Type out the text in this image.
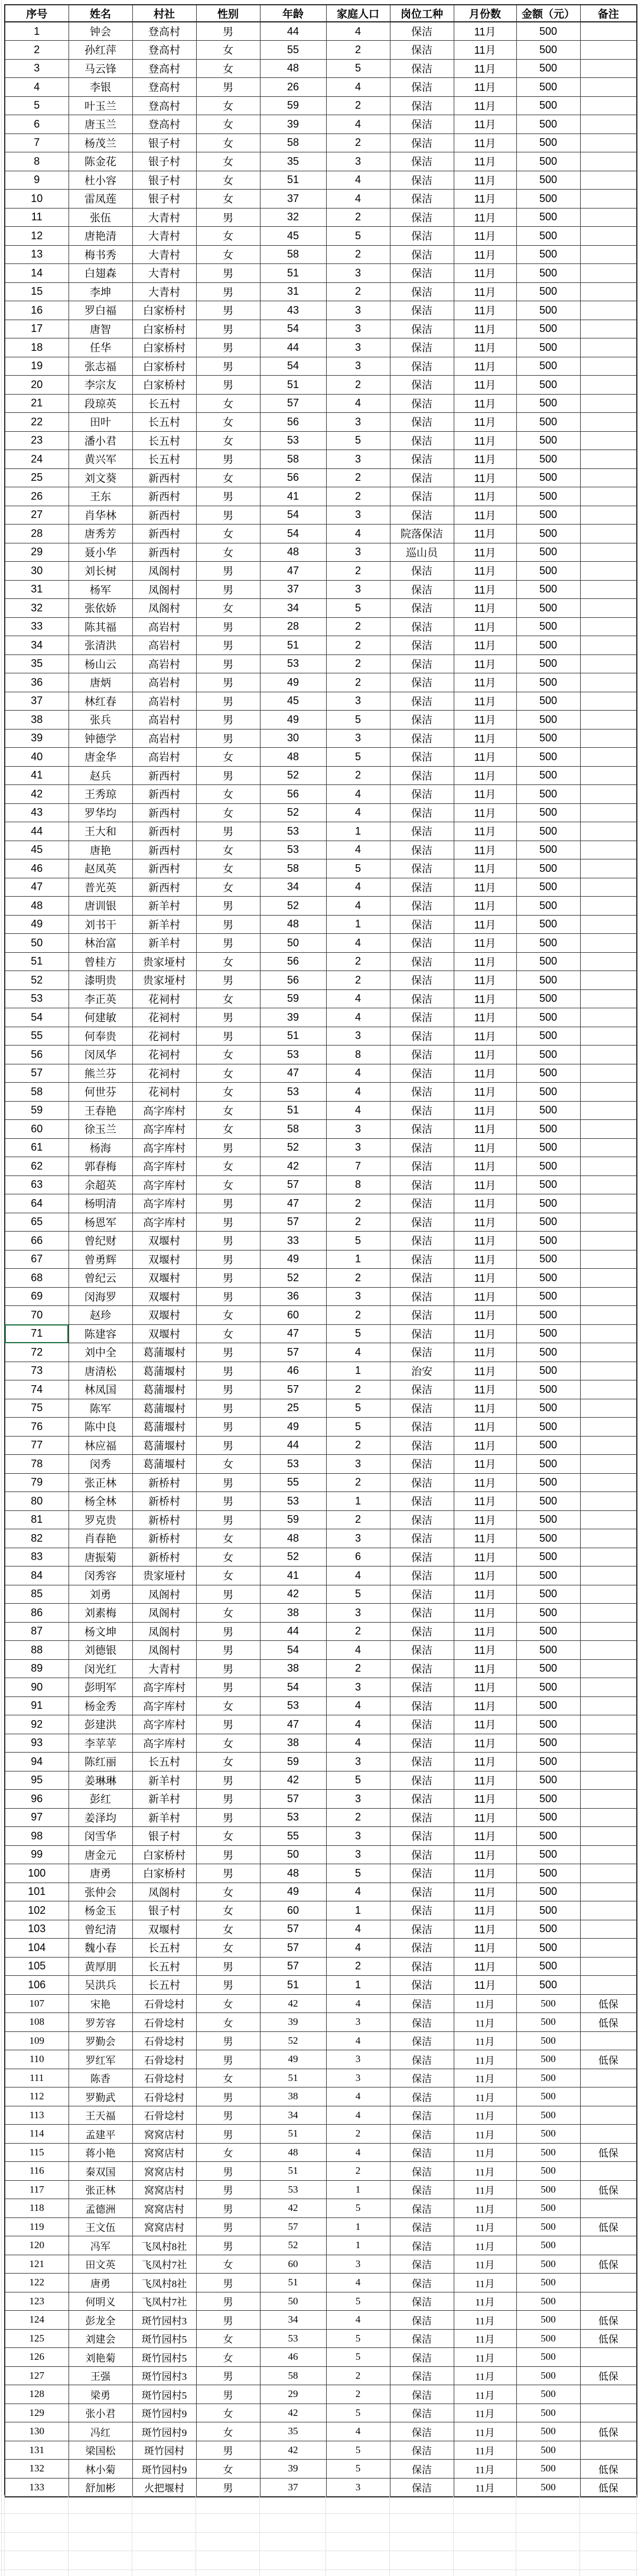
序号	姓名	村社	性别	年龄	家庭人口	岗位工种	月份数	金额（元）	备注
1	钟会	登高村	男	44	4	保洁	11月	500	
2	孙红萍	登高村	女	55	2	保洁	11月	500	
3	马云锋	登高村	女	48	5	保洁	11月	500	
4	李银	登高村	男	26	4	保洁	11月	500	
5	叶玉兰	登高村	女	59	2	保洁	11月	500	
6	唐玉兰	登高村	女	39	4	保洁	11月	500	
7	杨茂兰	银子村	女	58	2	保洁	11月	500	
8	陈金花	银子村	女	35	3	保洁	11月	500	
9	杜小容	银子村	女	51	4	保洁	11月	500	
10	雷凤莲	银子村	女	37	4	保洁	11月	500	
11	张伍	大青村	男	32	2	保洁	11月	500	
12	唐艳清	大青村	女	45	5	保洁	11月	500	
13	梅书秀	大青村	女	58	2	保洁	11月	500	
14	白翅森	大青村	男	51	3	保洁	11月	500	
15	李坤	大青村	男	31	2	保洁	11月	500	
16	罗白福	白家桥村	男	43	3	保洁	11月	500	
17	唐智	白家桥村	男	54	3	保洁	11月	500	
18	任华	白家桥村	男	44	3	保洁	11月	500	
19	张志福	白家桥村	男	54	3	保洁	11月	500	
20	李宗友	白家桥村	男	51	2	保洁	11月	500	
21	段琼英	长五村	女	57	4	保洁	11月	500	
22	田叶	长五村	女	56	3	保洁	11月	500	
23	潘小君	长五村	女	53	5	保洁	11月	500	
24	黄兴军	长五村	男	58	3	保洁	11月	500	
25	刘文葵	新西村	女	56	2	保洁	11月	500	
26	王东	新西村	男	41	2	保洁	11月	500	
27	肖华林	新西村	男	54	3	保洁	11月	500	
28	唐秀芳	新西村	女	54	4	院落保洁	11月	500	
29	聂小华	新西村	女	48	3	巡山员	11月	500	
30	刘长树	凤阁村	男	47	2	保洁	11月	500	
31	杨军	凤阁村	男	37	3	保洁	11月	500	
32	张依娇	凤阁村	女	34	5	保洁	11月	500	
33	陈其福	高岩村	男	28	2	保洁	11月	500	
34	张清洪	高岩村	男	51	2	保洁	11月	500	
35	杨山云	高岩村	男	53	2	保洁	11月	500	
36	唐炳	高岩村	男	49	2	保洁	11月	500	
37	林红春	高岩村	男	45	3	保洁	11月	500	
38	张兵	高岩村	男	49	5	保洁	11月	500	
39	钟德学	高岩村	男	30	3	保洁	11月	500	
40	唐金华	高岩村	女	48	5	保洁	11月	500	
41	赵兵	新西村	男	52	2	保洁	11月	500	
42	王秀琼	新西村	女	56	4	保洁	11月	500	
43	罗华均	新西村	女	52	4	保洁	11月	500	
44	王大和	新西村	男	53	1	保洁	11月	500	
45	唐艳	新西村	女	53	4	保洁	11月	500	
46	赵凤英	新西村	女	58	5	保洁	11月	500	
47	普光英	新西村	女	34	4	保洁	11月	500	
48	唐训银	新羊村	男	52	4	保洁	11月	500	
49	刘书干	新羊村	男	48	1	保洁	11月	500	
50	林治富	新羊村	男	50	4	保洁	11月	500	
51	曾桂方	贵家垭村	女	56	2	保洁	11月	500	
52	漆明贵	贵家垭村	男	56	2	保洁	11月	500	
53	李正英	花祠村	女	59	4	保洁	11月	500	
54	何建敏	花祠村	男	39	4	保洁	11月	500	
55	何奉贵	花祠村	男	51	3	保洁	11月	500	
56	闵凤华	花祠村	女	53	8	保洁	11月	500	
57	熊兰芬	花祠村	女	47	4	保洁	11月	500	
58	何世芬	花祠村	女	53	4	保洁	11月	500	
59	王春艳	高字库村	女	51	4	保洁	11月	500	
60	徐玉兰	高字库村	女	58	3	保洁	11月	500	
61	杨海	高字库村	男	52	3	保洁	11月	500	
62	郭春梅	高字库村	女	42	7	保洁	11月	500	
63	余超英	高字库村	女	57	8	保洁	11月	500	
64	杨明清	高字库村	男	47	2	保洁	11月	500	
65	杨恩军	高字库村	男	57	2	保洁	11月	500	
66	曾纪财	双堰村	男	33	5	保洁	11月	500	
67	曾勇辉	双堰村	男	49	1	保洁	11月	500	
68	曾纪云	双堰村	男	52	2	保洁	11月	500	
69	闵海罗	双堰村	男	36	3	保洁	11月	500	
70	赵珍	双堰村	女	60	2	保洁	11月	500	
71	陈建容	双堰村	女	47	5	保洁	11月	500	
72	刘中全	葛蒲堰村	男	57	4	保洁	11月	500	
73	唐清松	葛蒲堰村	男	46	1	治安	11月	500	
74	林凤国	葛蒲堰村	男	57	2	保洁	11月	500	
75	陈军	葛蒲堰村	男	25	5	保洁	11月	500	
76	陈中良	葛蒲堰村	男	49	5	保洁	11月	500	
77	林应福	葛蒲堰村	男	44	2	保洁	11月	500	
78	闵秀	葛蒲堰村	女	53	3	保洁	11月	500	
79	张正林	新桥村	男	55	2	保洁	11月	500	
80	杨全林	新桥村	男	53	1	保洁	11月	500	
81	罗克贵	新桥村	男	59	2	保洁	11月	500	
82	肖春艳	新桥村	女	48	3	保洁	11月	500	
83	唐振菊	新桥村	女	52	6	保洁	11月	500	
84	闵秀容	贵家垭村	女	41	4	保洁	11月	500	
85	刘勇	凤阁村	男	42	5	保洁	11月	500	
86	刘素梅	凤阁村	女	38	3	保洁	11月	500	
87	杨文坤	凤阁村	男	44	2	保洁	11月	500	
88	刘德银	凤阁村	男	54	4	保洁	11月	500	
89	闵光红	大青村	男	38	2	保洁	11月	500	
90	彭明军	高字库村	男	54	3	保洁	11月	500	
91	杨金秀	高字库村	女	53	4	保洁	11月	500	
92	彭建洪	高字库村	男	47	4	保洁	11月	500	
93	李苹苹	高字库村	女	38	4	保洁	11月	500	
94	陈红丽	长五村	女	59	3	保洁	11月	500	
95	姜琳琳	新羊村	男	42	5	保洁	11月	500	
96	彭红	新羊村	男	57	3	保洁	11月	500	
97	姜泽均	新羊村	男	53	2	保洁	11月	500	
98	闵雪华	银子村	女	55	3	保洁	11月	500	
99	唐金元	白家桥村	男	50	3	保洁	11月	500	
100	唐勇	白家桥村	男	48	5	保洁	11月	500	
101	张仲会	凤阁村	女	49	4	保洁	11月	500	
102	杨金玉	银子村	女	60	1	保洁	11月	500	
103	曾纪清	双堰村	女	57	4	保洁	11月	500	
104	魏小春	长五村	女	57	4	保洁	11月	500	
105	黄厚朋	长五村	男	57	2	保洁	11月	500	
106	吴洪兵	长五村	男	51	1	保洁	11月	500	
107	宋艳	石骨埝村	女	42	4	保洁	11月	500	低保
108	罗芳容	石骨埝村	女	39	3	保洁	11月	500	低保
109	罗勤会	石骨埝村	男	52	4	保洁	11月	500	
110	罗红军	石骨埝村	男	49	3	保洁	11月	500	低保
111	陈香	石骨埝村	女	51	3	保洁	11月	500	
112	罗勤武	石骨埝村	男	38	4	保洁	11月	500	
113	王天福	石骨埝村	男	34	4	保洁	11月	500	
114	孟建平	窝窝店村	男	51	2	保洁	11月	500	
115	蒋小艳	窝窝店村	女	48	4	保洁	11月	500	低保
116	秦双国	窝窝店村	男	51	2	保洁	11月	500	
117	张正林	窝窝店村	男	53	1	保洁	11月	500	低保
118	孟德洲	窝窝店村	男	42	5	保洁	11月	500	
119	王文伍	窝窝店村	男	57	1	保洁	11月	500	低保
120	冯军	飞凤村8社	男	52	1	保洁	11月	500	
121	田文英	飞凤村7社	女	60	3	保洁	11月	500	低保
122	唐勇	飞凤村8社	男	51	4	保洁	11月	500	
123	何明义	飞凤村7社	男	50	5	保洁	11月	500	
124	彭龙全	斑竹园村3	男	34	4	保洁	11月	500	低保
125	刘建会	斑竹园村5	女	53	5	保洁	11月	500	低保
126	刘艳菊	斑竹园村5	女	46	5	保洁	11月	500	
127	王强	斑竹园村3	男	58	2	保洁	11月	500	低保
128	梁勇	斑竹园村5	男	29	2	保洁	11月	500	
129	张小君	斑竹园村9	女	42	5	保洁	11月	500	
130	冯红	斑竹园村9	女	35	4	保洁	11月	500	低保
131	梁国松	斑竹园村	男	42	5	保洁	11月	500	
132	林小菊	斑竹园村9	女	39	5	保洁	11月	500	低保
133	舒加彬	火把堰村	男	37	3	保洁	11月	500	低保
